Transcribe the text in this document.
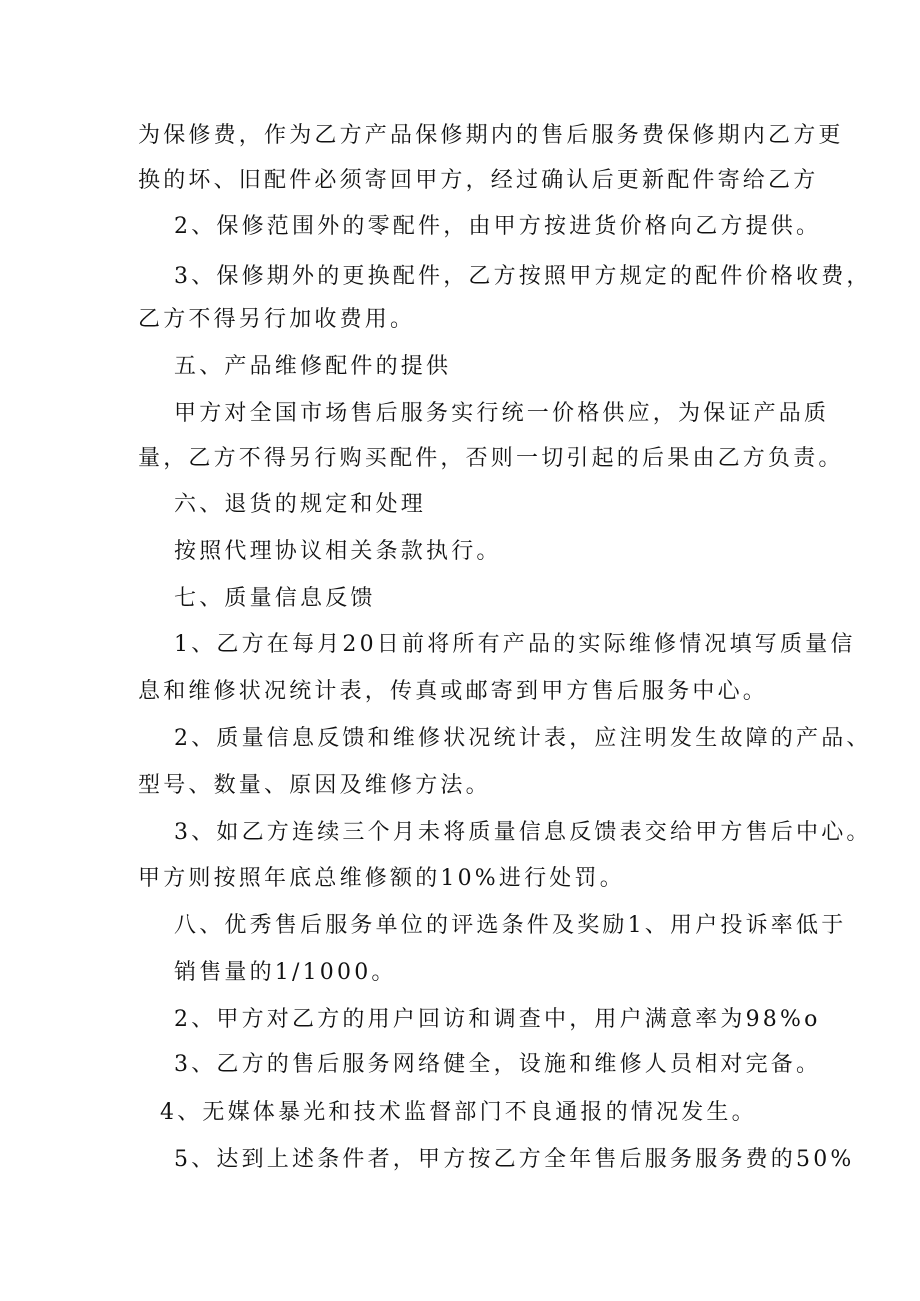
为保修费，作为乙方产品保修期内的售后服务费保修期内乙方更
换的坏、旧配件必须寄回甲方，经过确认后更新配件寄给乙方
2、保修范围外的零配件，由甲方按进货价格向乙方提供。
3、保修期外的更换配件，乙方按照甲方规定的配件价格收费，
乙方不得另行加收费用。
五、产品维修配件的提供
甲方对全国市场售后服务实行统一价格供应，为保证产品质
量，乙方不得另行购买配件，否则一切引起的后果由乙方负责。
六、退货的规定和处理
按照代理协议相关条款执行。
七、质量信息反馈
1、乙方在每月20日前将所有产品的实际维修情况填写质量信
息和维修状况统计表，传真或邮寄到甲方售后服务中心。
2、质量信息反馈和维修状况统计表，应注明发生故障的产品、
型号、数量、原因及维修方法。
3、如乙方连续三个月未将质量信息反馈表交给甲方售后中心。
甲方则按照年底总维修额的10%进行处罚。
八、优秀售后服务单位的评选条件及奖励1、用户投诉率低于
销售量的1/1000。
2、甲方对乙方的用户回访和调查中，用户满意率为98%o
3、乙方的售后服务网络健全，设施和维修人员相对完备。
4、无媒体暴光和技术监督部门不良通报的情况发生。
5、达到上述条件者，甲方按乙方全年售后服务服务费的50%
